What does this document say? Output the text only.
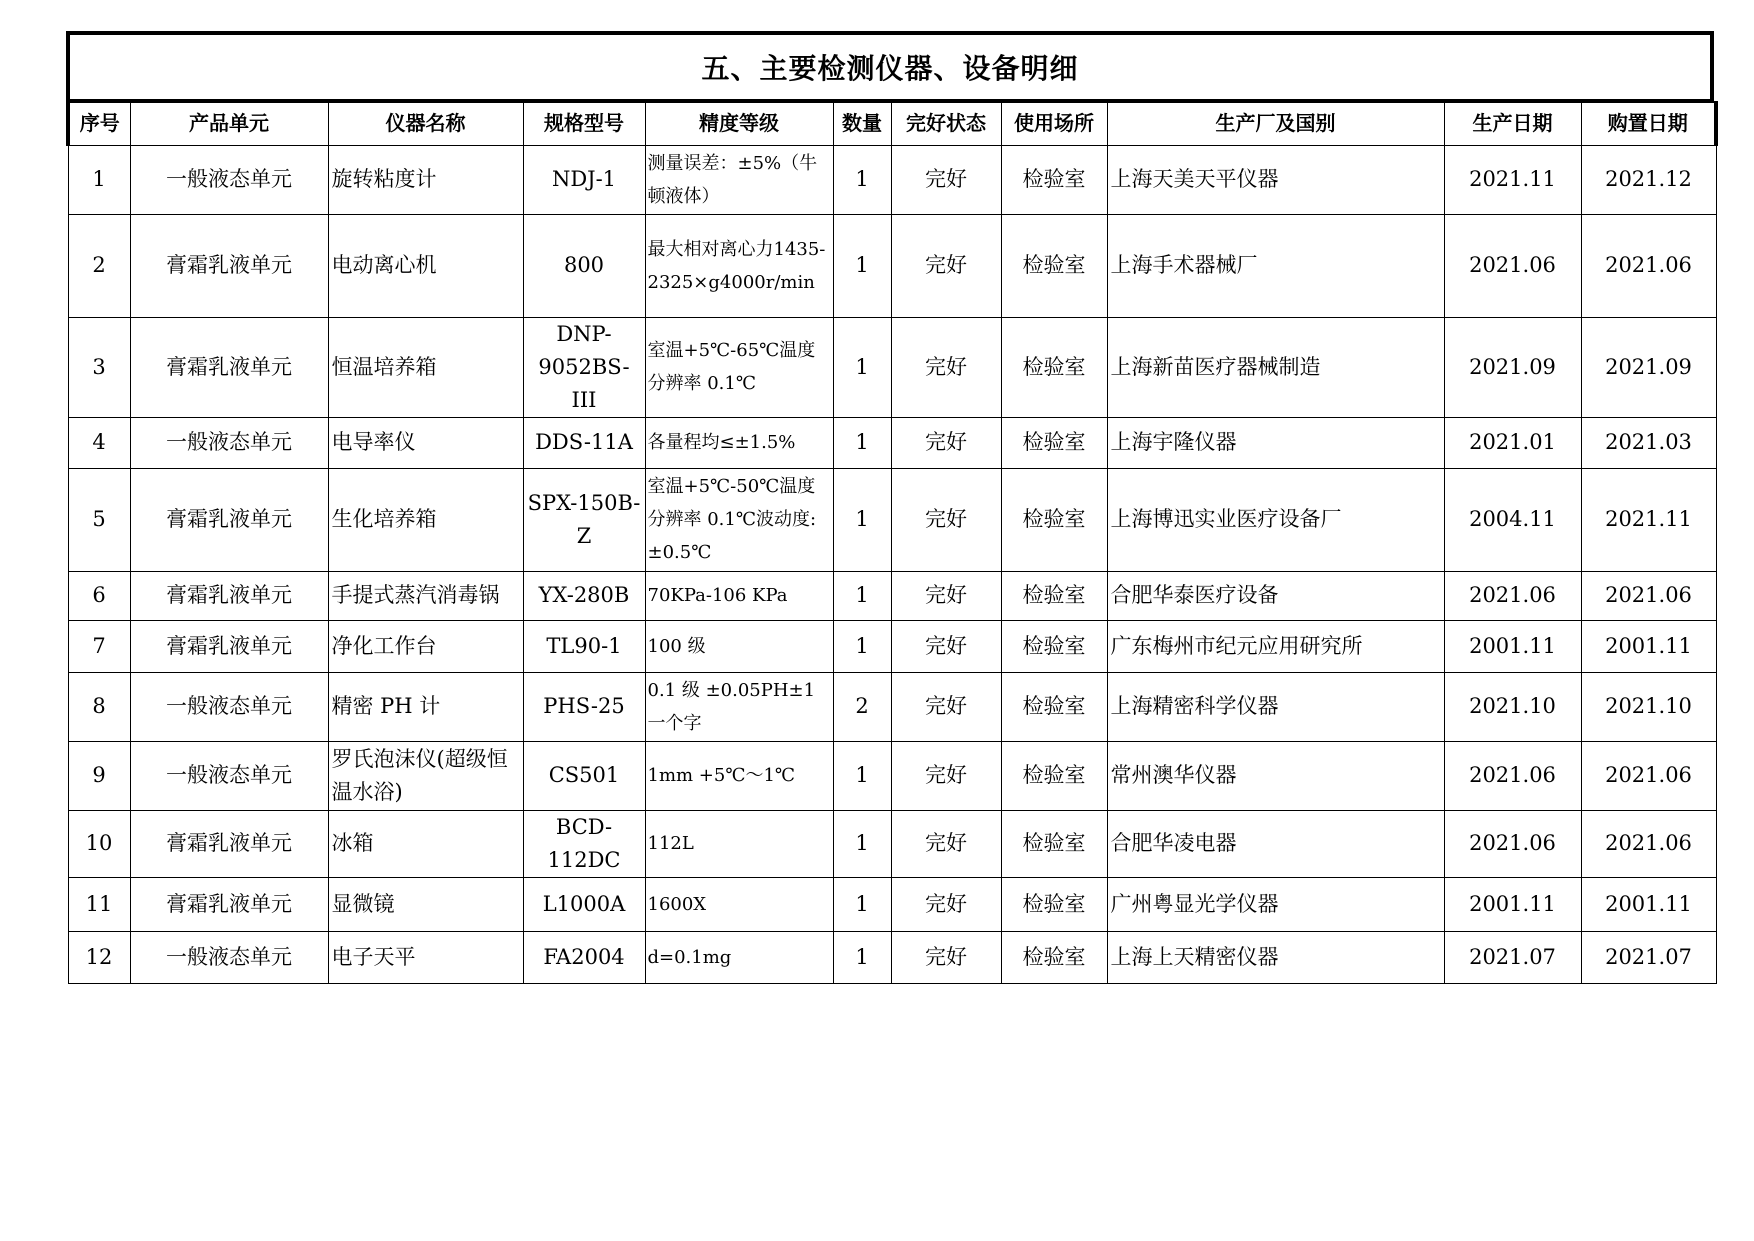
五、主要检测仪器、设备明细
序号	产品单元	仪器名称	规格型号	精度等级	数量	完好状态	使用场所	生产厂及国别	生产日期	购置日期
1	一般液态单元	旋转粘度计	NDJ-1	测量误差：±5%（牛顿液体）	1	完好	检验室	上海天美天平仪器	2021.11	2021.12
2	膏霜乳液单元	电动离心机	800	最大相对离心力1435-2325×g4000r/min	1	完好	检验室	上海手术器械厂	2021.06	2021.06
3	膏霜乳液单元	恒温培养箱	DNP-9052BS-III	室温+5℃-65℃温度分辨率 0.1℃	1	完好	检验室	上海新苗医疗器械制造	2021.09	2021.09
4	一般液态单元	电导率仪	DDS-11A	各量程均≤±1.5%	1	完好	检验室	上海宇隆仪器	2021.01	2021.03
5	膏霜乳液单元	生化培养箱	SPX-150B-Z	室温+5℃-50℃温度分辨率 0.1℃波动度:±0.5℃	1	完好	检验室	上海博迅实业医疗设备厂	2004.11	2021.11
6	膏霜乳液单元	手提式蒸汽消毒锅	YX-280B	70KPa-106 KPa	1	完好	检验室	合肥华泰医疗设备	2021.06	2021.06
7	膏霜乳液单元	净化工作台	TL90-1	100 级	1	完好	检验室	广东梅州市纪元应用研究所	2001.11	2001.11
8	一般液态单元	精密 PH 计	PHS-25	0.1 级 ±0.05PH±1 一个字	2	完好	检验室	上海精密科学仪器	2021.10	2021.10
9	一般液态单元	罗氏泡沫仪(超级恒温水浴)	CS501	1mm +5℃～1℃	1	完好	检验室	常州澳华仪器	2021.06	2021.06
10	膏霜乳液单元	冰箱	BCD-112DC	112L	1	完好	检验室	合肥华凌电器	2021.06	2021.06
11	膏霜乳液单元	显微镜	L1000A	1600X	1	完好	检验室	广州粤显光学仪器	2001.11	2001.11
12	一般液态单元	电子天平	FA2004	d=0.1mg	1	完好	检验室	上海上天精密仪器	2021.07	2021.07
